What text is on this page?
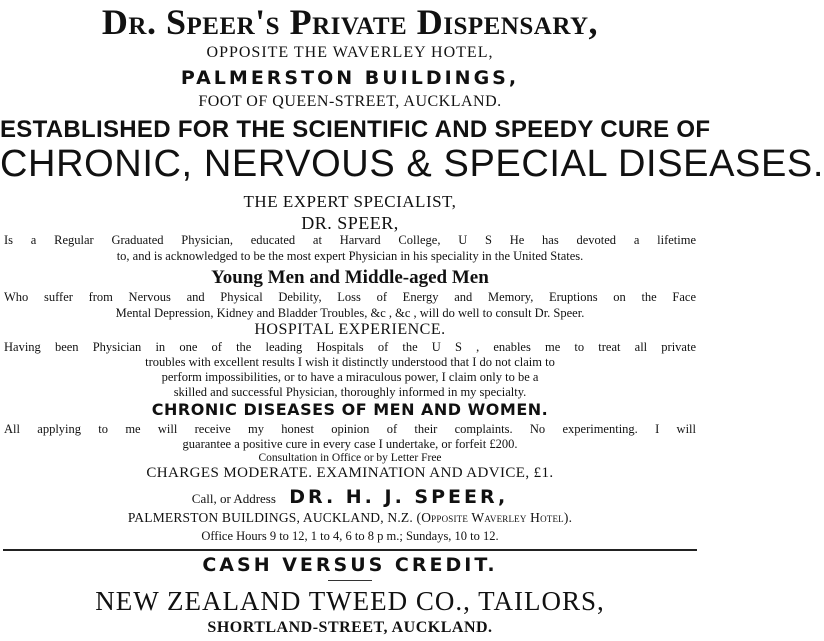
Dr. Speer's Private Dispensary,
OPPOSITE THE WAVERLEY HOTEL,
PALMERSTON BUILDINGS,
FOOT OF QUEEN-STREET, AUCKLAND.
ESTABLISHED FOR THE SCIENTIFIC AND SPEEDY CURE OF
CHRONIC, NERVOUS & SPECIAL DISEASES.
THE EXPERT SPECIALIST,
DR. SPEER,
Is a Regular Graduated Physician, educated at Harvard College, U S He has devoted a lifetime
to, and is acknowledged to be the most expert Physician in his speciality in the United States.
Young Men and Middle-aged Men
Who suffer from Nervous and Physical Debility, Loss of Energy and Memory, Eruptions on the Face
Mental Depression, Kidney and Bladder Troubles, &c , &c , will do well to consult Dr. Speer.
HOSPITAL EXPERIENCE.
Having been Physician in one of the leading Hospitals of the U S , enables me to treat all private
troubles with excellent results I wish it distinctly understood that I do not claim to
perform impossibilities, or to have a miraculous power, I claim only to be a
skilled and successful Physician, thoroughly informed in my specialty.
CHRONIC DISEASES OF MEN AND WOMEN.
All applying to me will receive my honest opinion of their complaints. No experimenting. I will
guarantee a positive cure in every case I undertake, or forfeit £200.
Consultation in Office or by Letter Free
CHARGES MODERATE. EXAMINATION AND ADVICE, £1.
Call, or Address DR. H. J. SPEER,
PALMERSTON BUILDINGS, AUCKLAND, N.Z. (Opposite Waverley Hotel).
Office Hours 9 to 12, 1 to 4, 6 to 8 p m.; Sundays, 10 to 12.
CASH VERSUS CREDIT.
NEW ZEALAND TWEED CO., TAILORS,
SHORTLAND-STREET, AUCKLAND.
